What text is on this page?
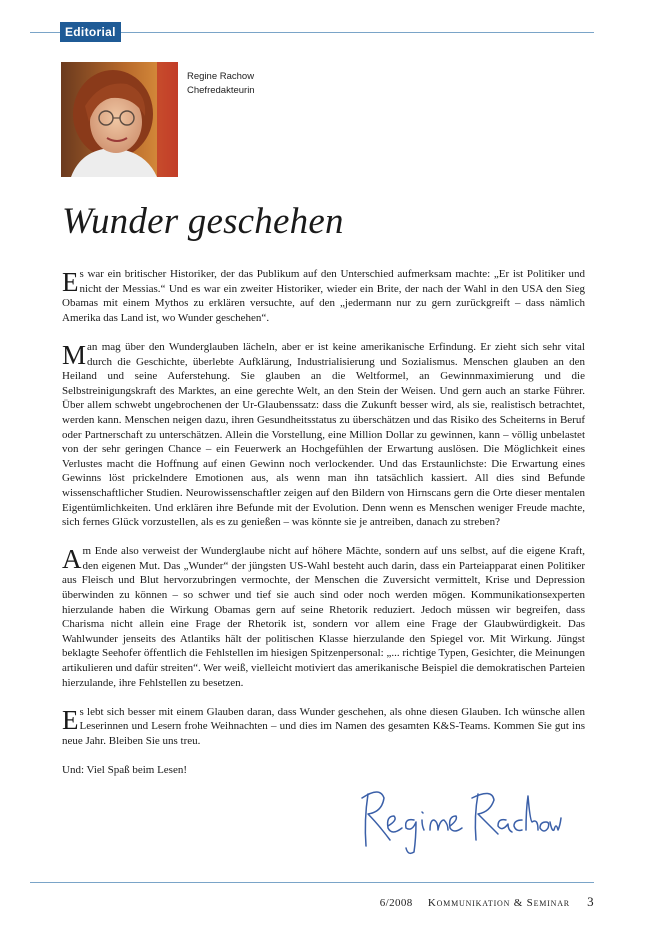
Editorial
Regine Rachow
Chefredakteurin
Wunder geschehen

Es war ein britischer Historiker, der das Publikum auf den Unterschied aufmerksam machte: „Er ist Politiker und nicht der Messias.“ Und es war ein zweiter Historiker, wieder ein Brite, der nach der Wahl in den USA den Sieg Obamas mit einem Mythos zu erklären versuchte, auf den „jedermann nur zu gern zurückgreift – dass nämlich Amerika das Land ist, wo Wunder geschehen“.

Man mag über den Wunderglauben lächeln, aber er ist keine amerikanische Erfindung. Er zieht sich sehr vital durch die Geschichte, überlebte Aufklärung, Industrialisierung und Sozialismus. Menschen glauben an den Heiland und seine Auferstehung. Sie glauben an die Weltformel, an Gewinnmaximierung und die Selbstreinigungskraft des Marktes, an eine gerechte Welt, an den Stein der Weisen. Und gern auch an starke Führer. Über allem schwebt ungebrochenen der Ur-Glaubenssatz: dass die Zukunft besser wird, als sie, realistisch betrachtet, werden kann. Menschen neigen dazu, ihren Gesundheitsstatus zu überschätzen und das Risiko des Scheiterns in Beruf oder Partnerschaft zu unterschätzen. Allein die Vorstellung, eine Million Dollar zu gewinnen, kann – völlig unbelastet von der sehr geringen Chance – ein Feuerwerk an Hochgefühlen der Erwartung auslösen. Die Möglichkeit eines Verlustes macht die Hoffnung auf einen Gewinn noch verlockender. Und das Erstaunlichste: Die Erwartung eines Gewinns löst prickelndere Emotionen aus, als wenn man ihn tatsächlich kassiert. All dies sind Befunde wissenschaftlicher Studien. Neurowissenschaftler zeigen auf den Bildern von Hirnscans gern die Orte dieser mentalen Eigentümlichkeiten. Und erklären ihre Befunde mit der Evolution. Denn wenn es Menschen weniger Freude machte, sich fernes Glück vorzustellen, als es zu genießen – was könnte sie je antreiben, danach zu streben?

Am Ende also verweist der Wunderglaube nicht auf höhere Mächte, sondern auf uns selbst, auf die eigene Kraft, den eigenen Mut. Das „Wunder“ der jüngsten US-Wahl besteht auch darin, dass ein Parteiapparat einen Politiker aus Fleisch und Blut hervorzubringen vermochte, der Menschen die Zuversicht vermittelt, Krise und Depression überwinden zu können – so schwer und tief sie auch sind oder noch werden mögen. Kommunikationsexperten hierzulande haben die Wirkung Obamas gern auf seine Rhetorik reduziert. Jedoch müssen wir begreifen, dass Charisma nicht allein eine Frage der Rhetorik ist, sondern vor allem eine Frage der Glaubwürdigkeit. Das Wahlwunder jenseits des Atlantiks hält der politischen Klasse hierzulande den Spiegel vor. Mit Wirkung. Jüngst beklagte Seehofer öffentlich die Fehlstellen im hiesigen Spitzenpersonal: „... richtige Typen, Gesichter, die Meinungen artikulieren und dafür streiten“. Wer weiß, vielleicht motiviert das amerikanische Beispiel die demokratischen Parteien hierzulande, ihre Fehlstellen zu besetzen.

Es lebt sich besser mit einem Glauben daran, dass Wunder geschehen, als ohne diesen Glauben. Ich wünsche allen Leserinnen und Lesern frohe Weihnachten – und dies im Namen des gesamten K&S-Teams. Kommen Sie gut ins neue Jahr. Bleiben Sie uns treu.

Und: Viel Spaß beim Lesen!

6/2008 Kommunikation & Seminar 3
